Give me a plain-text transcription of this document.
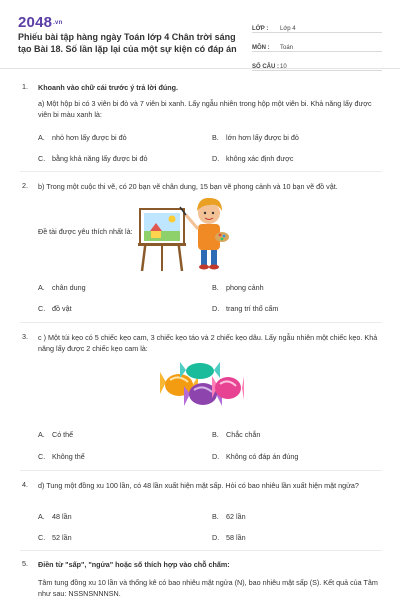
2048.vn
Phiếu bài tập hàng ngày Toán lớp 4 Chân trời sáng tạo Bài 18. Số lần lặp lại của một sự kiện có đáp án
LỚP :	Lớp 4
MÔN :	Toán
SỐ CÂU : 10
1. Khoanh vào chữ cái trước ý trả lời đúng.
a) Một hộp bi có 3 viên bi đỏ và 7 viên bi xanh. Lấy ngẫu nhiên trong hộp một viên bi. Khả năng lấy được viên bi màu xanh là:
A. nhỏ hơn lấy được bi đỏ	B. lớn hơn lấy được bi đỏ
C. bằng khả năng lấy được bi đỏ	D. không xác định được
2. b) Trong một cuộc thi vẽ, có 20 bạn vẽ chân dung, 15 bạn vẽ phong cảnh và 10 bạn vẽ đồ vật.
Đề tài được yêu thích nhất là:
A. chân dung	B. phong cảnh
C. đồ vật	D. trang trí thổ cẩm
3. c ) Một túi kẹo có 5 chiếc kẹo cam, 3 chiếc kẹo táo và 2 chiếc kẹo dâu. Lấy ngẫu nhiên một chiếc kẹo. Khả năng lấy được 2 chiếc kẹo cam là:
A. Có thể	B. Chắc chắn
C. Không thể	D. Không có đáp án đúng
4. d) Tung một đồng xu 100 lần, có 48 lần xuất hiện mặt sấp. Hỏi có bao nhiêu lần xuất hiện mặt ngửa?
A. 48 lần	B. 62 lần
C. 52 lần	D. 58 lần
5. Điền từ "sấp", "ngửa" hoặc số thích hợp vào chỗ chấm:
Tâm tung đồng xu 10 lần và thống kê có bao nhiêu mặt ngửa (N), bao nhiêu mặt sấp (S). Kết quả của Tâm như sau: NSSNSNNNSN.
